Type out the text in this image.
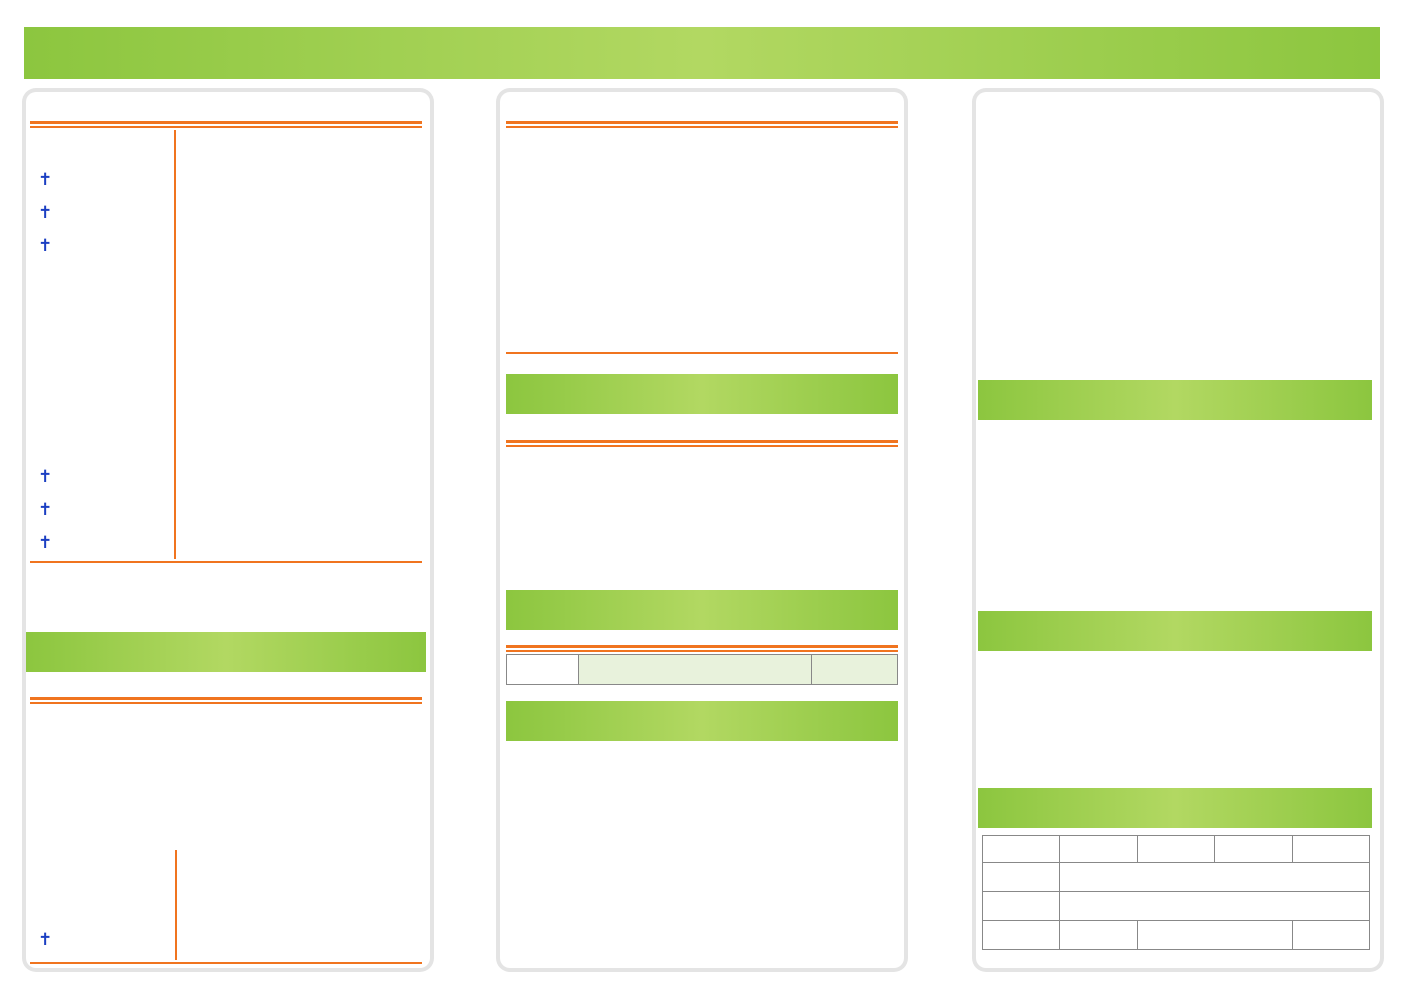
✝	
✝	
✝	

✝	
✝	
✝	
✝
